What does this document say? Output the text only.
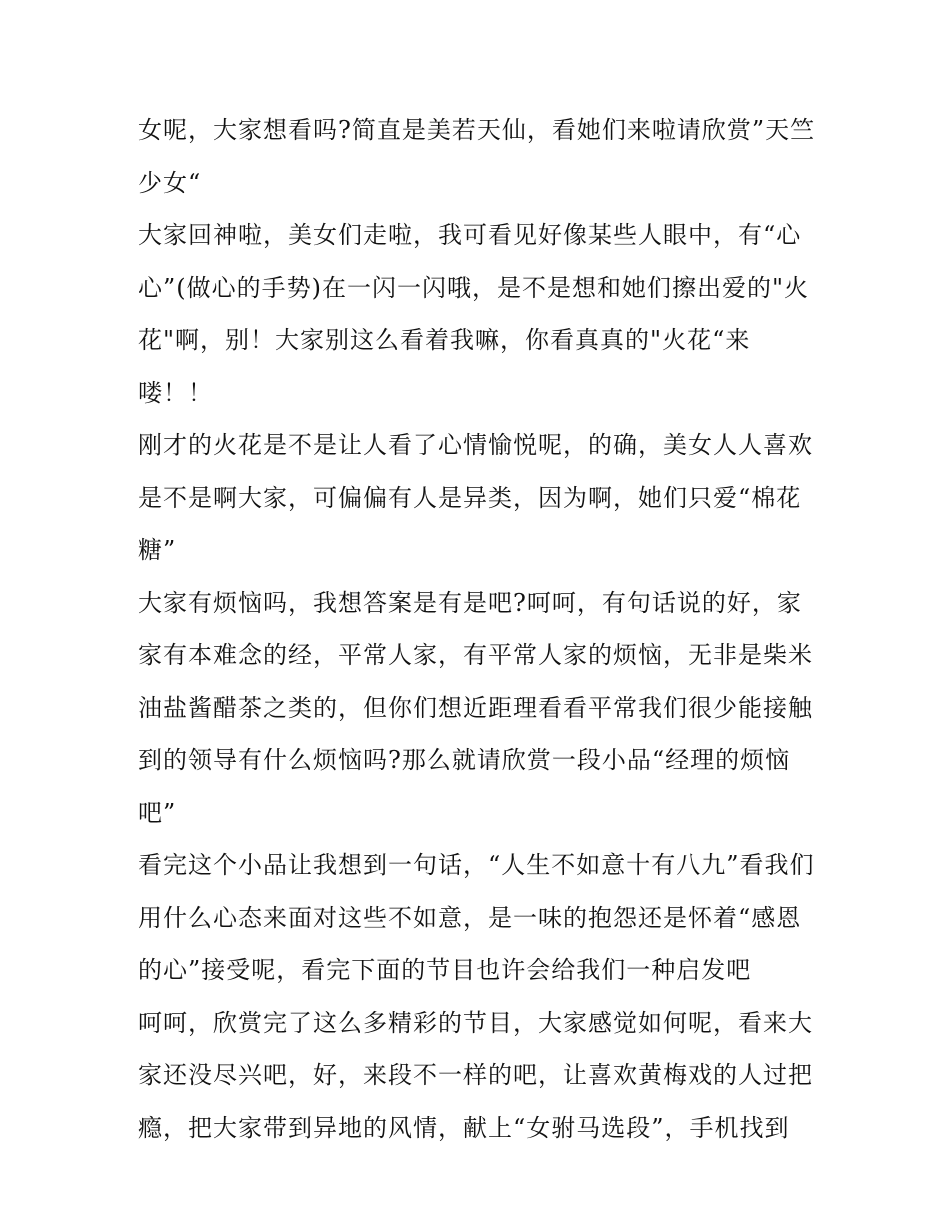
女呢，大家想看吗?简直是美若天仙，看她们来啦请欣赏”天竺
少女“
大家回神啦，美女们走啦，我可看见好像某些人眼中，有“心
心”(做心的手势)在一闪一闪哦，是不是想和她们擦出爱的"火
花"啊，别！大家别这么看着我嘛，你看真真的"火花“来
喽！！
刚才的火花是不是让人看了心情愉悦呢，的确，美女人人喜欢
是不是啊大家，可偏偏有人是异类，因为啊，她们只爱“棉花
糖”
大家有烦恼吗，我想答案是有是吧?呵呵，有句话说的好，家
家有本难念的经，平常人家，有平常人家的烦恼，无非是柴米
油盐酱醋茶之类的，但你们想近距理看看平常我们很少能接触
到的领导有什么烦恼吗?那么就请欣赏一段小品“经理的烦恼
吧”
看完这个小品让我想到一句话，“人生不如意十有八九”看我们
用什么心态来面对这些不如意，是一味的抱怨还是怀着“感恩
的心”接受呢，看完下面的节目也许会给我们一种启发吧
呵呵，欣赏完了这么多精彩的节目，大家感觉如何呢，看来大
家还没尽兴吧，好，来段不一样的吧，让喜欢黄梅戏的人过把
瘾，把大家带到异地的风情，献上“女驸马选段”，手机找到
